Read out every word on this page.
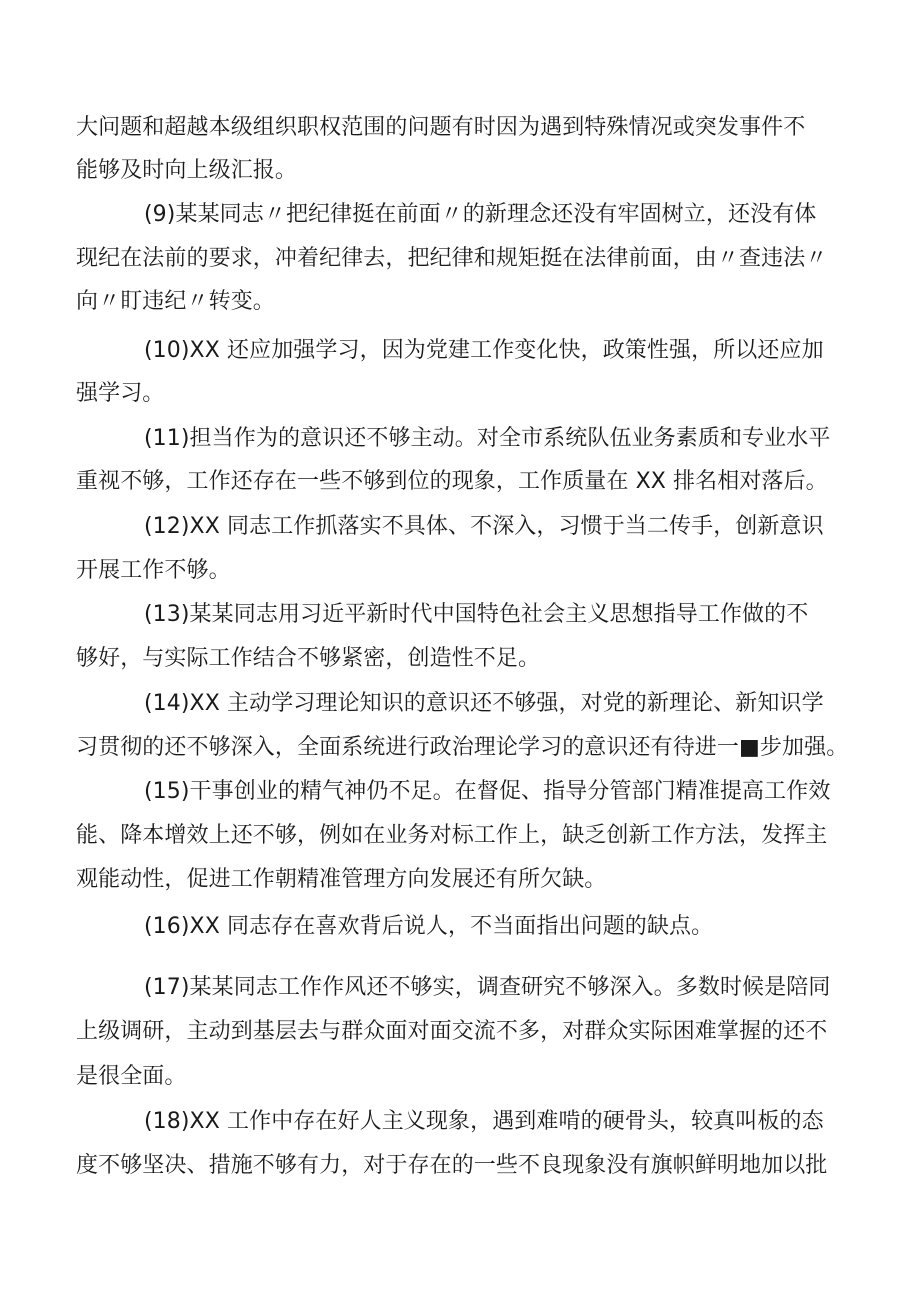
大问题和超越本级组织职权范围的问题有时因为遇到特殊情况或突发事件不
能够及时向上级汇报。
(9)某某同志〃把纪律挺在前面〃的新理念还没有牢固树立，还没有体
现纪在法前的要求，冲着纪律去，把纪律和规矩挺在法律前面，由〃查违法〃
向〃盯违纪〃转变。
(10)XX 还应加强学习，因为党建工作变化快，政策性强，所以还应加
强学习。
(11)担当作为的意识还不够主动。对全市系统队伍业务素质和专业水平
重视不够，工作还存在一些不够到位的现象，工作质量在 XX 排名相对落后。
(12)XX 同志工作抓落实不具体、不深入，习惯于当二传手，创新意识
开展工作不够。
(13)某某同志用习近平新时代中国特色社会主义思想指导工作做的不
够好，与实际工作结合不够紧密，创造性不足。
(14)XX 主动学习理论知识的意识还不够强，对党的新理论、新知识学
习贯彻的还不够深入，全面系统进行政治理论学习的意识还有待进一■步加强。
(15)干事创业的精气神仍不足。在督促、指导分管部门精准提高工作效
能、降本增效上还不够，例如在业务对标工作上，缺乏创新工作方法，发挥主
观能动性，促进工作朝精准管理方向发展还有所欠缺。
(16)XX 同志存在喜欢背后说人，不当面指出问题的缺点。
(17)某某同志工作作风还不够实，调查研究不够深入。多数时候是陪同
上级调研，主动到基层去与群众面对面交流不多，对群众实际困难掌握的还不
是很全面。
(18)XX 工作中存在好人主义现象，遇到难啃的硬骨头，较真叫板的态
度不够坚决、措施不够有力，对于存在的一些不良现象没有旗帜鲜明地加以批
